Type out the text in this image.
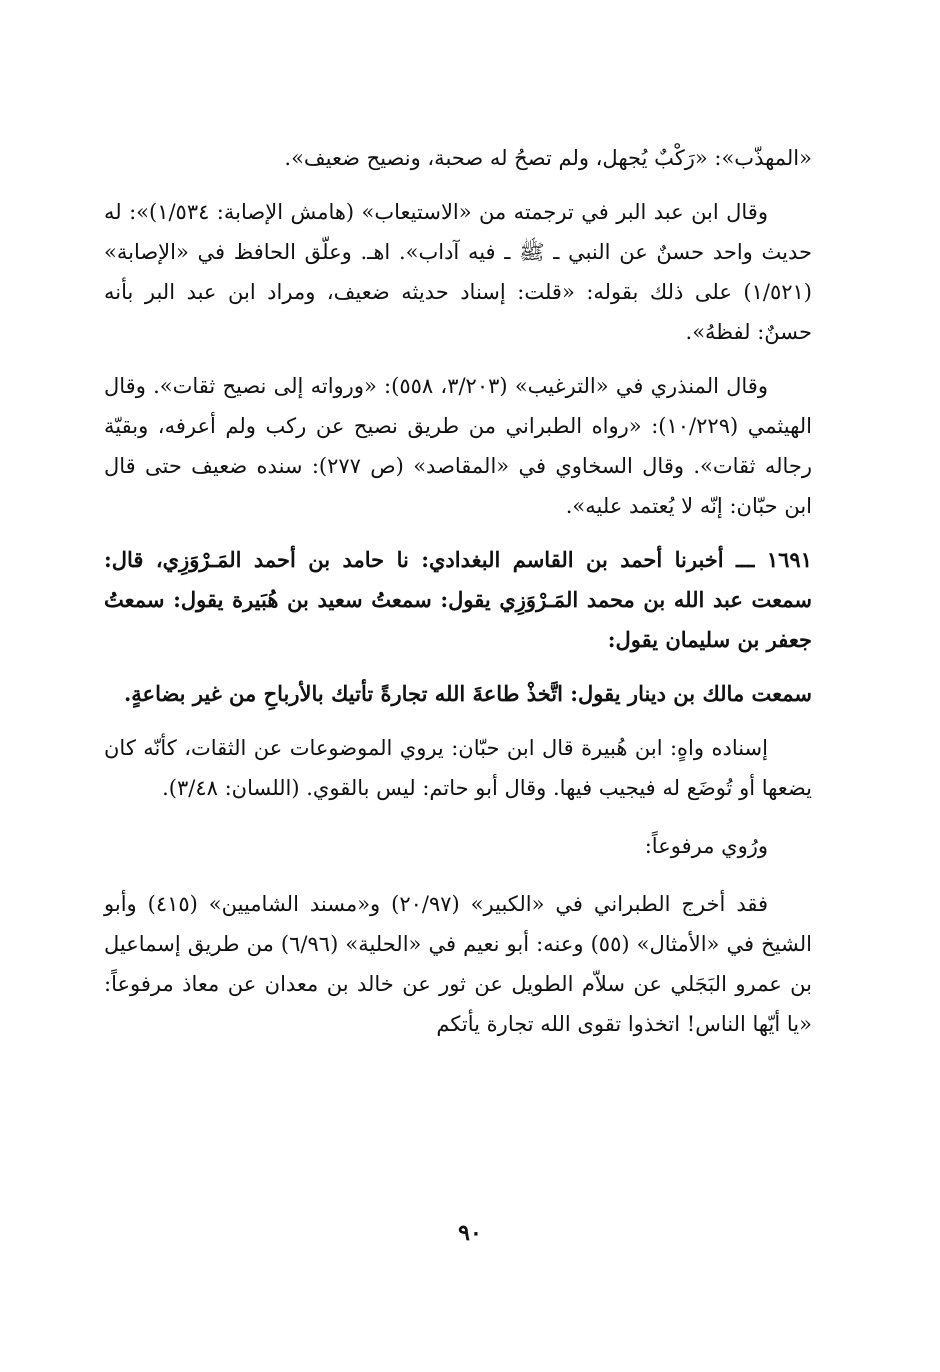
«المهذّب»: «رَكْبٌ يُجهل، ولم تصحُ له صحبة، ونصيح ضعيف».

وقال ابن عبد البر في ترجمته من «الاستيعاب» (هامش الإصابة: ١/٥٣٤)»: له حديث واحد حسنٌ عن النبي ـ ﷺ ـ فيه آداب». اهـ. وعلّق الحافظ في «الإصابة» (١/٥٢١) على ذلك بقوله: «قلت: إسناد حديثه ضعيف، ومراد ابن عبد البر بأنه حسنٌ: لفظهُ».

وقال المنذري في «الترغيب» (٣/٢٠٣، ٥٥٨): «ورواته إلى نصيح ثقات». وقال الهيثمي (١٠/٢٢٩): «رواه الطبراني من طريق نصيح عن ركب ولم أعرفه، وبقيّة رجاله ثقات». وقال السخاوي في «المقاصد» (ص ٢٧٧): سنده ضعيف حتى قال ابن حبّان: إنّه لا يُعتمد عليه».

١٦٩١ ـــ أخبرنا أحمد بن القاسم البغدادي: نا حامد بن أحمد المَـرْوَزِي، قال: سمعت عبد الله بن محمد المَـرْوَزِي يقول: سمعتُ سعيد بن هُبَيرة يقول: سمعتُ جعفر بن سليمان يقول:

سمعت مالك بن دينار يقول: اتَّخذْ طاعةَ الله تجارةً تأتيك بالأرباحِ من غير بضاعةٍ.

إسناده واهٍ: ابن هُبيرة قال ابن حبّان: يروي الموضوعات عن الثقات، كأنّه كان يضعها أو تُوضَع له فيجيب فيها. وقال أبو حاتم: ليس بالقوي. (اللسان: ٣/٤٨).

ورُوي مرفوعاً:

فقد أخرج الطبراني في «الكبير» (٢٠/٩٧) و«مسند الشاميين» (٤١٥) وأبو الشيخ في «الأمثال» (٥٥) وعنه: أبو نعيم في «الحلية» (٦/٩٦) من طريق إسماعيل بن عمرو البَجَلي عن سلاّم الطويل عن ثور عن خالد بن معدان عن معاذ مرفوعاً: «يا أيّها الناس! اتخذوا تقوى الله تجارة يأتكم

٩٠
